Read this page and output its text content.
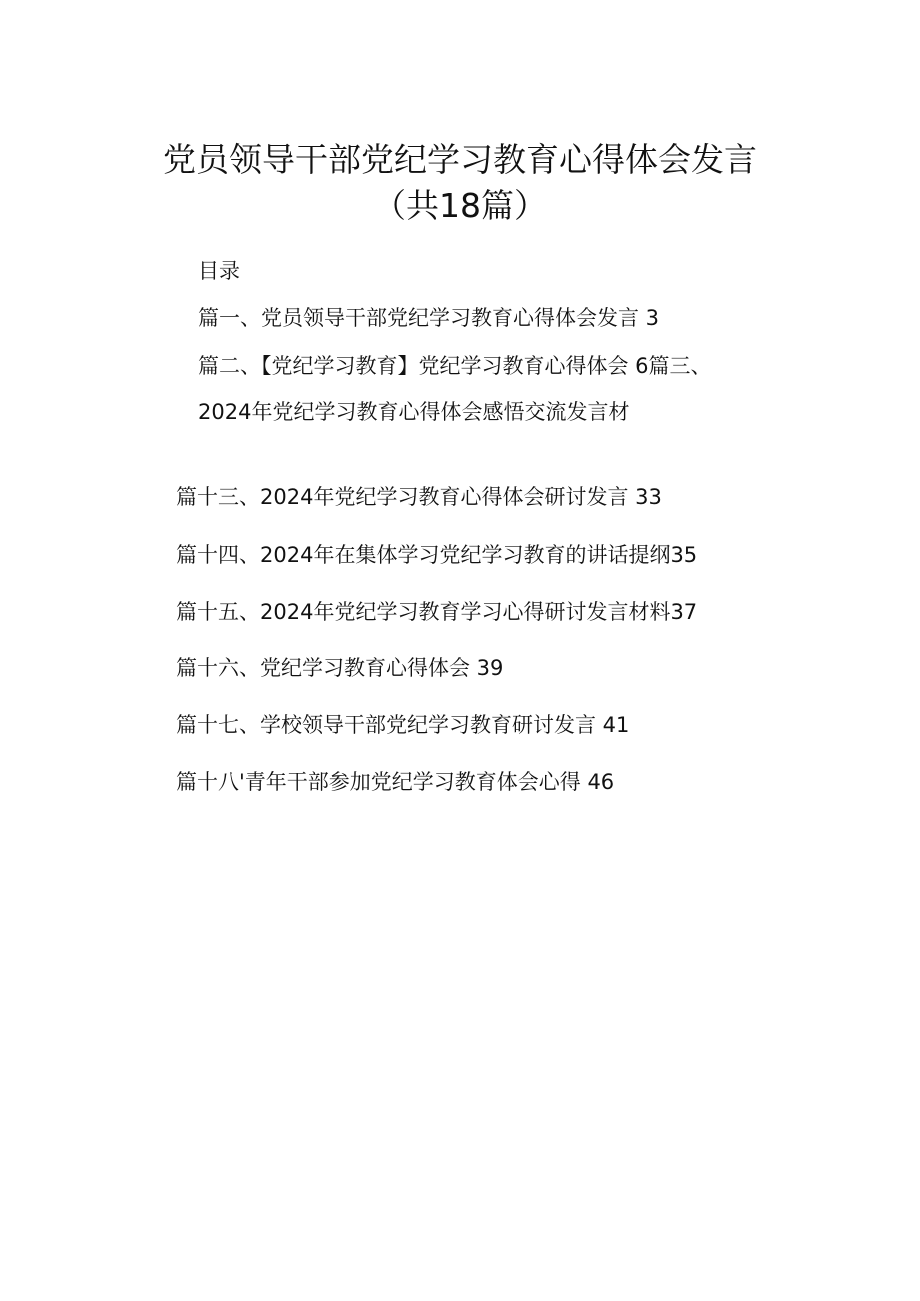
党员领导干部党纪学习教育心得体会发言
（共18篇）
目录
篇一、党员领导干部党纪学习教育心得体会发言 3
篇二、【党纪学习教育】党纪学习教育心得体会 6篇三、
2024年党纪学习教育心得体会感悟交流发言材
篇十三、2024年党纪学习教育心得体会研讨发言 33
篇十四、2024年在集体学习党纪学习教育的讲话提纲35
篇十五、2024年党纪学习教育学习心得研讨发言材料37
篇十六、党纪学习教育心得体会 39
篇十七、学校领导干部党纪学习教育研讨发言 41
篇十八'青年干部参加党纪学习教育体会心得 46
